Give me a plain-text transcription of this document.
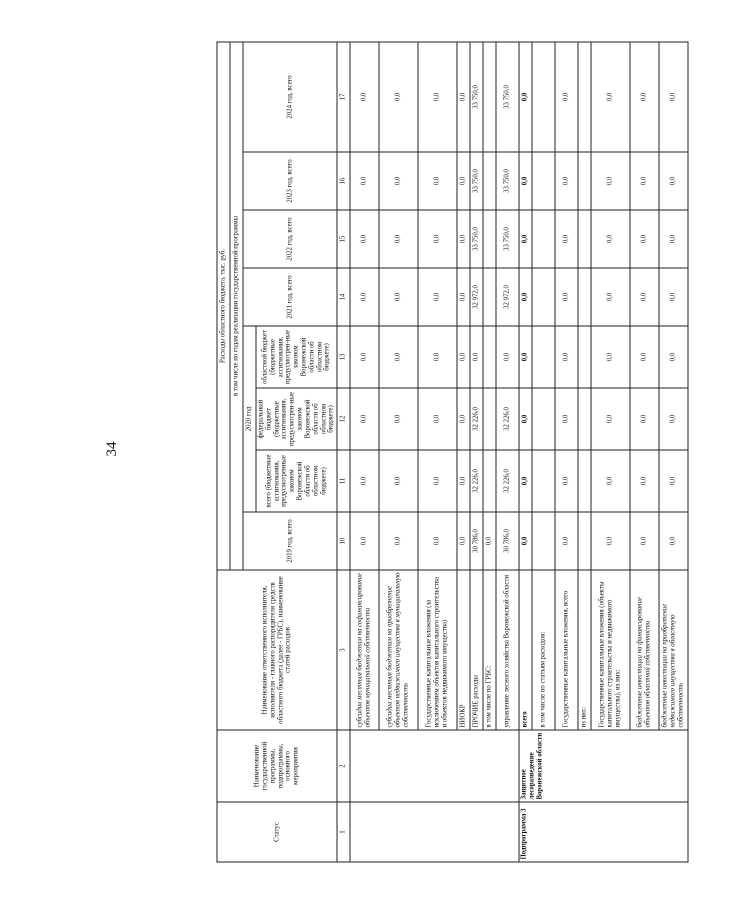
34
Статус	Наименование государственной программы, подпрограммы, основного мероприятия	Наименование ответственного исполнителя, исполнителя - главного распорядителя средств областного бюджета (далее - ГРБС), наименование статей расходов	Расходы областного бюджета, тыс. руб.							
			в том числе по годам реализации государственной программы							
			2019 год, всего	2020 год			2021 год, всего	2022 год, всего	2023 год, всего	2024 год, всего
				всего (бюджетные ассигнования, предусмотренные законом Воронежской области об областном бюджете)	федеральный бюджет (бюджетные ассигнования, предусмотрен-ные законом Воронежской области об областном бюджете)	областной бюджет (бюджетные ассигнования, предусмотрен-ные законом Воронежской области об областном бюджете)				
1	2	3	10	11	12	13	14	15	16	17
		субсидии местным бюджетам на софинансирование объектов муниципальной собственности	0,0	0,0	0,0	0,0	0,0	0,0	0,0	0,0
		субсидии местным бюджетам на приобретение объектов недвижимого имущества в муниципальную собственность	0,0	0,0	0,0	0,0	0,0	0,0	0,0	0,0
		Государственные капитальные вложения (за исключением объектов капитального строительства и объектов недвижимого имущества)	0,0	0,0	0,0	0,0	0,0	0,0	0,0	0,0
		НИОКР	0,0	0,0	0,0	0,0	0,0	0,0	0,0	0,0
		ПРОЧИЕ расходы	30 786,0	32 226,0	32 226,0	0,0	32 972,0	33 750,0	33 750,0	33 750,0
		в том числе по ГРБС:	0,0							
		управление лесного хозяйства Воронежской области	30 786,0	32 226,0	32 226,0	0,0	32 972,0	33 750,0	33 750,0	33 750,0
Подпрограмма 3	Защитное лесоразведение Воронежской области	всего	0,0	0,0	0,0	0,0	0,0	0,0	0,0	0,0
		в том числе по статьям расходов:								
		Государственные капитальные вложения, всего	0,0	0,0	0,0	0,0	0,0	0,0	0,0	0,0
		из них:								
		Государственные капитальные вложения (объекты капитального строительства и недвижимого имущества), из них:	0,0	0,0	0,0	0,0	0,0	0,0	0,0	0,0
		бюджетные инвестиции на финансирование объектов областной собственности	0,0	0,0	0,0	0,0	0,0	0,0	0,0	0,0
		бюджетные инвестиции на приобретение недвижимого имущества в областную собственность	0,0	0,0	0,0	0,0	0,0	0,0	0,0	0,0
